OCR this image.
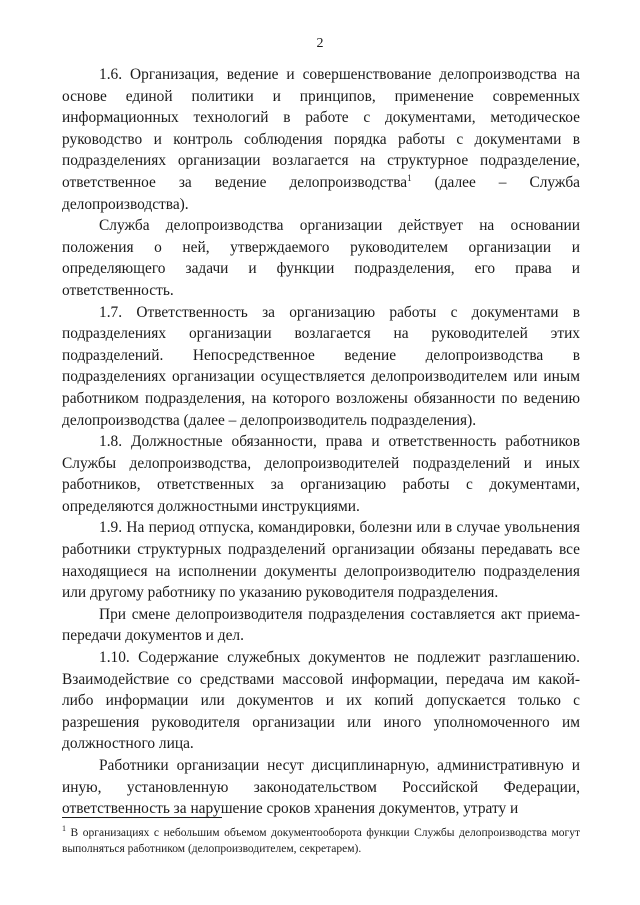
2

1.6. Организация, ведение и совершенствование делопроизводства на основе единой политики и принципов, применение современных информационных технологий в работе с документами, методическое руководство и контроль соблюдения порядка работы с документами в подразделениях организации возлагается на структурное подразделение, ответственное за ведение делопроизводства$^1$ (далее – Служба делопроизводства).

Служба делопроизводства организации действует на основании положения о ней, утверждаемого руководителем организации и определяющего задачи и функции подразделения, его права и ответственность.

1.7. Ответственность за организацию работы с документами в подразделениях организации возлагается на руководителей этих подразделений. Непосредственное ведение делопроизводства в подразделениях организации осуществляется делопроизводителем или иным работником подразделения, на которого возложены обязанности по ведению делопроизводства (далее – делопроизводитель подразделения).

1.8. Должностные обязанности, права и ответственность работников Службы делопроизводства, делопроизводителей подразделений и иных работников, ответственных за организацию работы с документами, определяются должностными инструкциями.

1.9. На период отпуска, командировки, болезни или в случае увольнения работники структурных подразделений организации обязаны передавать все находящиеся на исполнении документы делопроизводителю подразделения или другому работнику по указанию руководителя подразделения.

При смене делопроизводителя подразделения составляется акт приема-передачи документов и дел.

1.10. Содержание служебных документов не подлежит разглашению. Взаимодействие со средствами массовой информации, передача им какой-либо информации или документов и их копий допускается только с разрешения руководителя организации или иного уполномоченного им должностного лица.

Работники организации несут дисциплинарную, административную и иную, установленную законодательством Российской Федерации, ответственность за нарушение сроков хранения документов, утрату и

$^1$ В организациях с небольшим объемом документооборота функции Службы делопроизводства могут выполняться работником (делопроизводителем, секретарем).
